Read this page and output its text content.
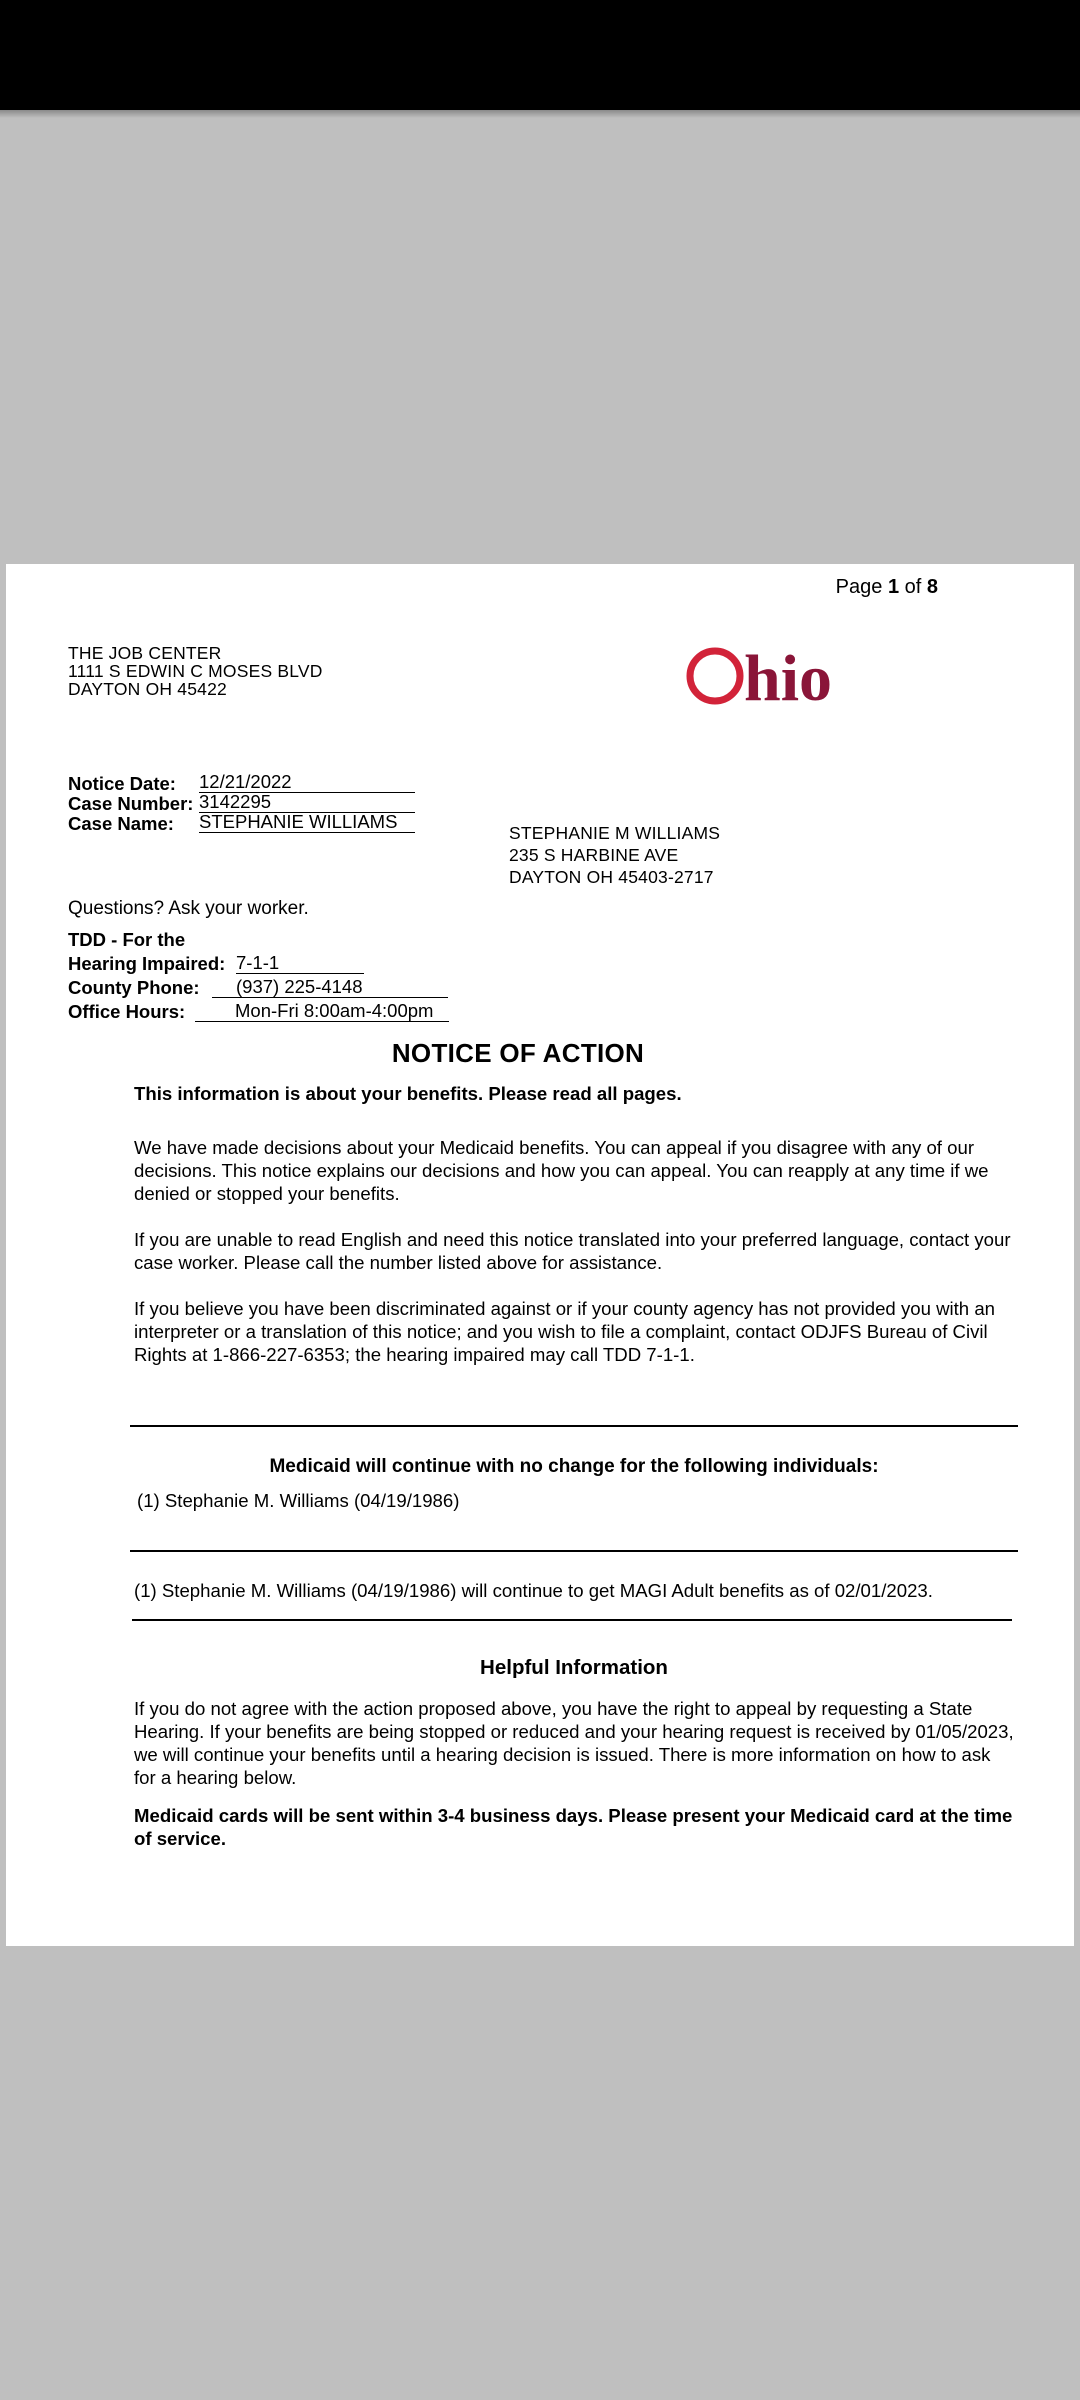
Page 1 of 8
THE JOB CENTER
1111 S EDWIN C MOSES BLVD
DAYTON OH 45422	hio
Notice Date: 12/21/2022
Case Number: 3142295
Case Name: STEPHANIE WILLIAMS
STEPHANIE M WILLIAMS
235 S HARBINE AVE
DAYTON OH 45403-2717
Questions? Ask your worker.
TDD - For the
Hearing Impaired: 7-1-1
County Phone:	(937) 225-4148
Office Hours:	Mon-Fri 8:00am-4:00pm
NOTICE OF ACTION
This information is about your benefits. Please read all pages.
We have made decisions about your Medicaid benefits. You can appeal if you disagree with any of our decisions. This notice explains our decisions and how you can appeal. You can reapply at any time if we denied or stopped your benefits.
If you are unable to read English and need this notice translated into your preferred language, contact your case worker. Please call the number listed above for assistance.
If you believe you have been discriminated against or if your county agency has not provided you with an interpreter or a translation of this notice; and you wish to file a complaint, contact ODJFS Bureau of Civil Rights at 1-866-227-6353; the hearing impaired may call TDD 7-1-1.
Medicaid will continue with no change for the following individuals:
(1) Stephanie M. Williams (04/19/1986)
(1) Stephanie M. Williams (04/19/1986) will continue to get MAGI Adult benefits as of 02/01/2023.
Helpful Information
If you do not agree with the action proposed above, you have the right to appeal by requesting a State Hearing. If your benefits are being stopped or reduced and your hearing request is received by 01/05/2023, we will continue your benefits until a hearing decision is issued. There is more information on how to ask for a hearing below.
Medicaid cards will be sent within 3-4 business days. Please present your Medicaid card at the time of service.
